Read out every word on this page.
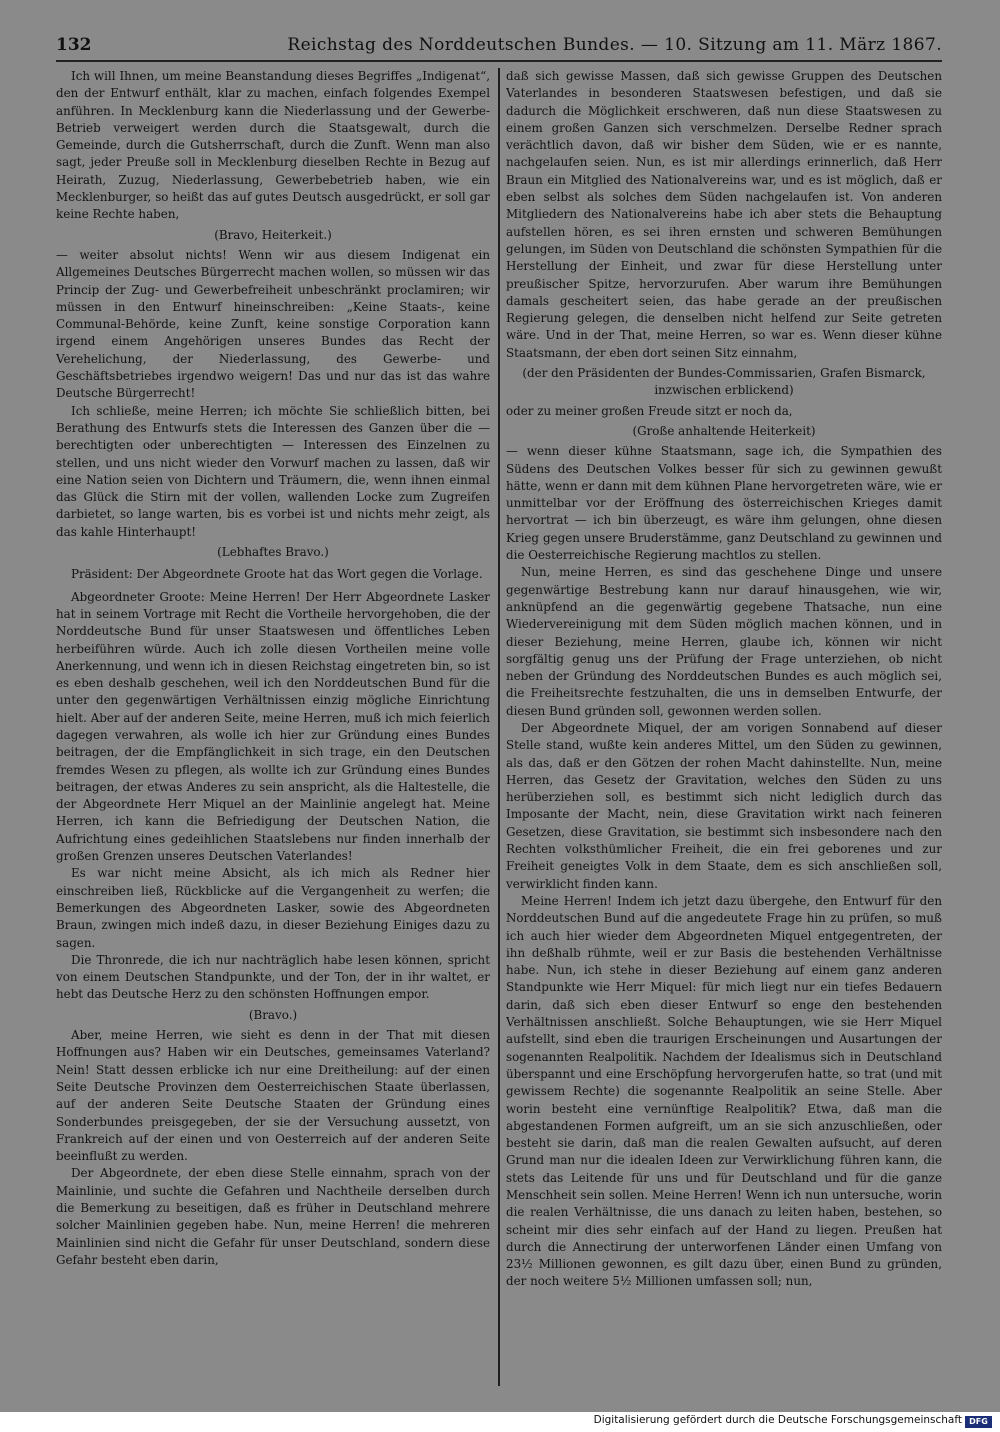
132	Reichstag des Norddeutschen Bundes. — 10. Sitzung am 11. März 1867.

Ich will Ihnen, um meine Beanstandung dieses Begriffes „Indigenat“, den der Entwurf enthält, klar zu machen, einfach folgendes Exempel anführen. In Mecklenburg kann die Niederlassung und der Gewerbe-Betrieb verweigert werden durch die Staatsgewalt, durch die Gemeinde, durch die Gutsherrschaft, durch die Zunft. Wenn man also sagt, jeder Preuße soll in Mecklenburg dieselben Rechte in Bezug auf Heirath, Zuzug, Niederlassung, Gewerbebetrieb haben, wie ein Mecklenburger, so heißt das auf gutes Deutsch ausgedrückt, er soll gar keine Rechte haben,

(Bravo, Heiterkeit.)

— weiter absolut nichts! Wenn wir aus diesem Indigenat ein Allgemeines Deutsches Bürgerrecht machen wollen, so müssen wir das Princip der Zug- und Gewerbefreiheit unbeschränkt proclamiren; wir müssen in den Entwurf hineinschreiben: „Keine Staats-, keine Communal-Behörde, keine Zunft, keine sonstige Corporation kann irgend einem Angehörigen unseres Bundes das Recht der Verehelichung, der Niederlassung, des Gewerbe- und Geschäftsbetriebes irgendwo weigern! Das und nur das ist das wahre Deutsche Bürgerrecht!

Ich schließe, meine Herren; ich möchte Sie schließlich bitten, bei Berathung des Entwurfs stets die Interessen des Ganzen über die — berechtigten oder unberechtigten — Interessen des Einzelnen zu stellen, und uns nicht wieder den Vorwurf machen zu lassen, daß wir eine Nation seien von Dichtern und Träumern, die, wenn ihnen einmal das Glück die Stirn mit der vollen, wallenden Locke zum Zugreifen darbietet, so lange warten, bis es vorbei ist und nichts mehr zeigt, als das kahle Hinterhaupt!

(Lebhaftes Bravo.)

Präsident: Der Abgeordnete Groote hat das Wort gegen die Vorlage.

Abgeordneter Groote: Meine Herren! Der Herr Abgeordnete Lasker hat in seinem Vortrage mit Recht die Vortheile hervorgehoben, die der Norddeutsche Bund für unser Staatswesen und öffentliches Leben herbeiführen würde. Auch ich zolle diesen Vortheilen meine volle Anerkennung, und wenn ich in diesen Reichstag eingetreten bin, so ist es eben deshalb geschehen, weil ich den Norddeutschen Bund für die unter den gegenwärtigen Verhältnissen einzig mögliche Einrichtung hielt. Aber auf der anderen Seite, meine Herren, muß ich mich feierlich dagegen verwahren, als wolle ich hier zur Gründung eines Bundes beitragen, der die Empfänglichkeit in sich trage, ein den Deutschen fremdes Wesen zu pflegen, als wollte ich zur Gründung eines Bundes beitragen, der etwas Anderes zu sein anspricht, als die Haltestelle, die der Abgeordnete Herr Miquel an der Mainlinie angelegt hat. Meine Herren, ich kann die Befriedigung der Deutschen Nation, die Aufrichtung eines gedeihlichen Staatslebens nur finden innerhalb der großen Grenzen unseres Deutschen Vaterlandes!

Es war nicht meine Absicht, als ich mich als Redner hier einschreiben ließ, Rückblicke auf die Vergangenheit zu werfen; die Bemerkungen des Abgeordneten Lasker, sowie des Abgeordneten Braun, zwingen mich indeß dazu, in dieser Beziehung Einiges dazu zu sagen.

Die Thronrede, die ich nur nachträglich habe lesen können, spricht von einem Deutschen Standpunkte, und der Ton, der in ihr waltet, er hebt das Deutsche Herz zu den schönsten Hoffnungen empor.

(Bravo.)

Aber, meine Herren, wie sieht es denn in der That mit diesen Hoffnungen aus? Haben wir ein Deutsches, gemeinsames Vaterland? Nein! Statt dessen erblicke ich nur eine Dreitheilung: auf der einen Seite Deutsche Provinzen dem Oesterreichischen Staate überlassen, auf der anderen Seite Deutsche Staaten der Gründung eines Sonderbundes preisgegeben, der sie der Versuchung aussetzt, von Frankreich auf der einen und von Oesterreich auf der anderen Seite beeinflußt zu werden.

Der Abgeordnete, der eben diese Stelle einnahm, sprach von der Mainlinie, und suchte die Gefahren und Nachtheile derselben durch die Bemerkung zu beseitigen, daß es früher in Deutschland mehrere solcher Mainlinien gegeben habe. Nun, meine Herren! die mehreren Mainlinien sind nicht die Gefahr für unser Deutschland, sondern diese Gefahr besteht eben darin,

daß sich gewisse Massen, daß sich gewisse Gruppen des Deutschen Vaterlandes in besonderen Staatswesen befestigen, und daß sie dadurch die Möglichkeit erschweren, daß nun diese Staatswesen zu einem großen Ganzen sich verschmelzen. Derselbe Redner sprach verächtlich davon, daß wir bisher dem Süden, wie er es nannte, nachgelaufen seien. Nun, es ist mir allerdings erinnerlich, daß Herr Braun ein Mitglied des Nationalvereins war, und es ist möglich, daß er eben selbst als solches dem Süden nachgelaufen ist. Von anderen Mitgliedern des Nationalvereins habe ich aber stets die Behauptung aufstellen hören, es sei ihren ernsten und schweren Bemühungen gelungen, im Süden von Deutschland die schönsten Sympathien für die Herstellung der Einheit, und zwar für diese Herstellung unter preußischer Spitze, hervorzurufen. Aber warum ihre Bemühungen damals gescheitert seien, das habe gerade an der preußischen Regierung gelegen, die denselben nicht helfend zur Seite getreten wäre. Und in der That, meine Herren, so war es. Wenn dieser kühne Staatsmann, der eben dort seinen Sitz einnahm,

(der den Präsidenten der Bundes-Commissarien, Grafen Bismarck, inzwischen erblickend)

oder zu meiner großen Freude sitzt er noch da,

(Große anhaltende Heiterkeit)

— wenn dieser kühne Staatsmann, sage ich, die Sympathien des Südens des Deutschen Volkes besser für sich zu gewinnen gewußt hätte, wenn er dann mit dem kühnen Plane hervorgetreten wäre, wie er unmittelbar vor der Eröffnung des österreichischen Krieges damit hervortrat — ich bin überzeugt, es wäre ihm gelungen, ohne diesen Krieg gegen unsere Bruderstämme, ganz Deutschland zu gewinnen und die Oesterreichische Regierung machtlos zu stellen.

Nun, meine Herren, es sind das geschehene Dinge und unsere gegenwärtige Bestrebung kann nur darauf hinausgehen, wie wir, anknüpfend an die gegenwärtig gegebene Thatsache, nun eine Wiedervereinigung mit dem Süden möglich machen können, und in dieser Beziehung, meine Herren, glaube ich, können wir nicht sorgfältig genug uns der Prüfung der Frage unterziehen, ob nicht neben der Gründung des Norddeutschen Bundes es auch möglich sei, die Freiheitsrechte festzuhalten, die uns in demselben Entwurfe, der diesen Bund gründen soll, gewonnen werden sollen.

Der Abgeordnete Miquel, der am vorigen Sonnabend auf dieser Stelle stand, wußte kein anderes Mittel, um den Süden zu gewinnen, als das, daß er den Götzen der rohen Macht dahinstellte. Nun, meine Herren, das Gesetz der Gravitation, welches den Süden zu uns herüberziehen soll, es bestimmt sich nicht lediglich durch das Imposante der Macht, nein, diese Gravitation wirkt nach feineren Gesetzen, diese Gravitation, sie bestimmt sich insbesondere nach den Rechten volksthümlicher Freiheit, die ein frei geborenes und zur Freiheit geneigtes Volk in dem Staate, dem es sich anschließen soll, verwirklicht finden kann.

Meine Herren! Indem ich jetzt dazu übergehe, den Entwurf für den Norddeutschen Bund auf die angedeutete Frage hin zu prüfen, so muß ich auch hier wieder dem Abgeordneten Miquel entgegentreten, der ihn deßhalb rühmte, weil er zur Basis die bestehenden Verhältnisse habe. Nun, ich stehe in dieser Beziehung auf einem ganz anderen Standpunkte wie Herr Miquel: für mich liegt nur ein tiefes Bedauern darin, daß sich eben dieser Entwurf so enge den bestehenden Verhältnissen anschließt. Solche Behauptungen, wie sie Herr Miquel aufstellt, sind eben die traurigen Erscheinungen und Ausartungen der sogenannten Realpolitik. Nachdem der Idealismus sich in Deutschland überspannt und eine Erschöpfung hervorgerufen hatte, so trat (und mit gewissem Rechte) die sogenannte Realpolitik an seine Stelle. Aber worin besteht eine vernünftige Realpolitik? Etwa, daß man die abgestandenen Formen aufgreift, um an sie sich anzuschließen, oder besteht sie darin, daß man die realen Gewalten aufsucht, auf deren Grund man nur die idealen Ideen zur Verwirklichung führen kann, die stets das Leitende für uns und für Deutschland und für die ganze Menschheit sein sollen. Meine Herren! Wenn ich nun untersuche, worin die realen Verhältnisse, die uns danach zu leiten haben, bestehen, so scheint mir dies sehr einfach auf der Hand zu liegen. Preußen hat durch die Annectirung der unterworfenen Länder einen Umfang von 23½ Millionen gewonnen, es gilt dazu über, einen Bund zu gründen, der noch weitere 5½ Millionen umfassen soll; nun,

Digitalisierung gefördert durch die Deutsche Forschungsgemeinschaft DFG
